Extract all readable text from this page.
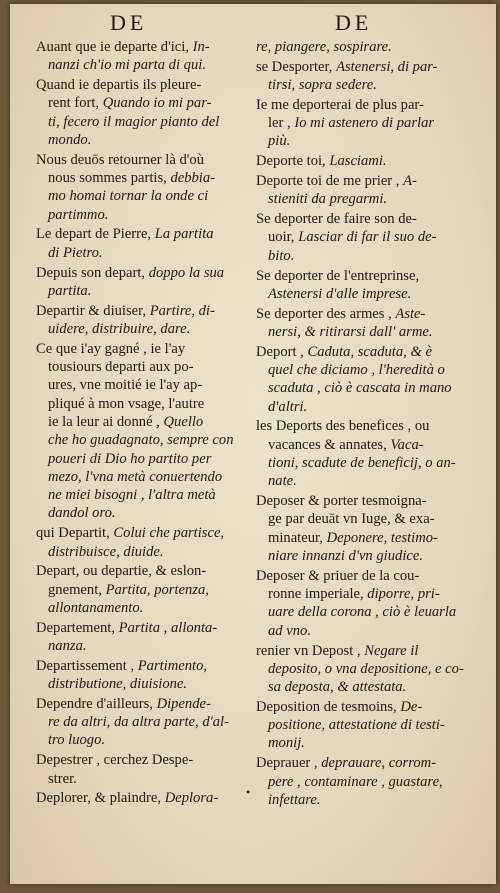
DE	DE

Auant que ie departe d'ici, In-
nanzi ch'io mi parta di qui.

Quand ie departis ils pleure-
rent fort, Quando io mi par-
ti, fecero il magior pianto del
mondo.

Nous deuōs retourner là d'où
nous sommes partis, debbia-
mo homai tornar la onde ci
partimmo.

Le depart de Pierre, La partita
di Pietro.

Depuis son depart, doppo la sua
partita.

Departir & diuiser, Partire, di-
uidere, distribuire, dare.

Ce que i'ay gagné , ie l'ay
tousiours departi aux po-
ures, vne moitié ie l'ay ap-
pliqué à mon vsage, l'autre
ie la leur ai donné , Quello
che ho guadagnato, sempre con
poueri di Dio ho partito per
mezo, l'vna metà conuertendo
ne miei bisogni , l'altra metà
dandol oro.

qui Departit, Colui che partisce,
distribuisce, diuide.

Depart, ou departie, & eslon-
gnement, Partita, portenza,
allontanamento.

Departement, Partita , allonta-
nanza.

Departissement , Partimento,
distributione, diuisione.

Dependre d'ailleurs, Dipende-
re da altri, da altra parte, d'al-
tro luogo.

Depestrer , cerchez Despe-
strer.

Deplorer, & plaindre, Deplora-

re, piangere, sospirare.

se Desporter, Astenersi, di par-
tirsi, sopra sedere.

Ie me deporterai de plus par-
ler , Io mi astenero di parlar
più.

Deporte toi, Lasciami.

Deporte toi de me prier , A-
stieniti da pregarmi.

Se deporter de faire son de-
uoir, Lasciar di far il suo de-
bito.

Se deporter de l'entreprinse,
Astenersi d'alle imprese.

Se deporter des armes , Aste-
nersi, & ritirarsi dall' arme.

Deport , Caduta, scaduta, & è
quel che diciamo , l'heredità o
scaduta , ciò è cascata in mano
d'altri.

les Deports des benefices , ou
vacances & annates, Vaca-
tioni, scadute de beneficij, o an-
nate.

Deposer & porter tesmoigna-
ge par deuāt vn Iuge, & exa-
minateur, Deponere, testimo-
niare innanzi d'vn giudice.

Deposer & priuer de la cou-
ronne imperiale, diporre, pri-
uare della corona , ciò è leuarla
ad vno.

renier vn Depost , Negare il
deposito, o vna depositione, e co-
sa deposta, & attestata.

Deposition de tesmoins, De-
positione, attestatione di testi-
monij.

Deprauer , deprauare, corrom-
pere , contaminare , guastare,
infettare.

•
